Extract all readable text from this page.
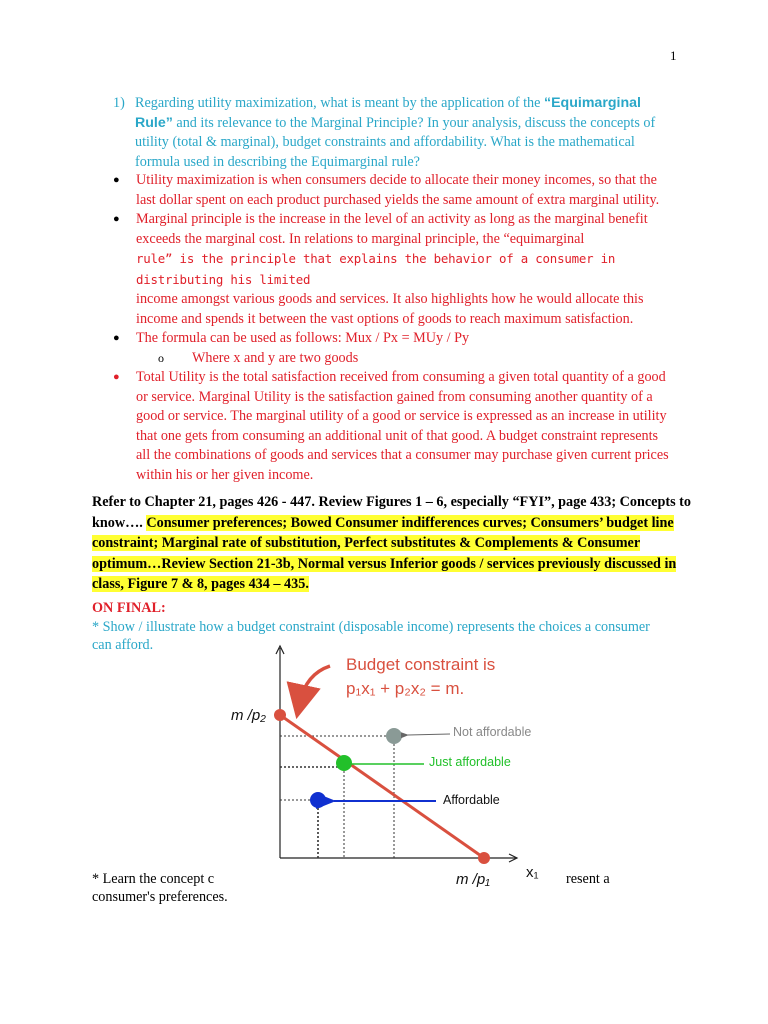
1
1) Regarding utility maximization, what is meant by the application of the “Equimarginal Rule” and its relevance to the Marginal Principle? In your analysis, discuss the concepts of utility (total & marginal), budget constraints and affordability. What is the mathematical formula used in describing the Equimarginal rule?
● Utility maximization is when consumers decide to allocate their money incomes, so that the last dollar spent on each product purchased yields the same amount of extra marginal utility.
● Marginal principle is the increase in the level of an activity as long as the marginal benefit exceeds the marginal cost. In relations to marginal principle, the “equimarginal
rule” is the principle that explains the behavior of a consumer in distributing his limited
income amongst various goods and services. It also highlights how he would allocate this income and spends it between the vast options of goods to reach maximum satisfaction.
● The formula can be used as follows: Mux / Px = MUy / Py
o Where x and y are two goods
● Total Utility is the total satisfaction received from consuming a given total quantity of a good or service. Marginal Utility is the satisfaction gained from consuming another quantity of a good or service. The marginal utility of a good or service is expressed as an increase in utility that one gets from consuming an additional unit of that good. A budget constraint represents all the combinations of goods and services that a consumer may purchase given current prices within his or her given income.
Refer to Chapter 21, pages 426 - 447. Review Figures 1 – 6, especially “FYI”, page 433; Concepts to know…. Consumer preferences; Bowed Consumer indifferences curves; Consumers’ budget line constraint; Marginal rate of substitution, Perfect substitutes & Complements & Consumer optimum…Review Section 21-3b, Normal versus Inferior goods / services previously discussed in class, Figure 7 & 8, pages 434 – 435.
ON FINAL:
* Show / illustrate how a budget constraint (disposable income) represents the choices a consumer can afford.
* Learn the concept c	resent a

consumer's preferences.
Budget constraint is
p₁x₁ + p₂x₂ = m.
m /p₂
m /p₁ x₁
Not affordable
Just affordable
Affordable
